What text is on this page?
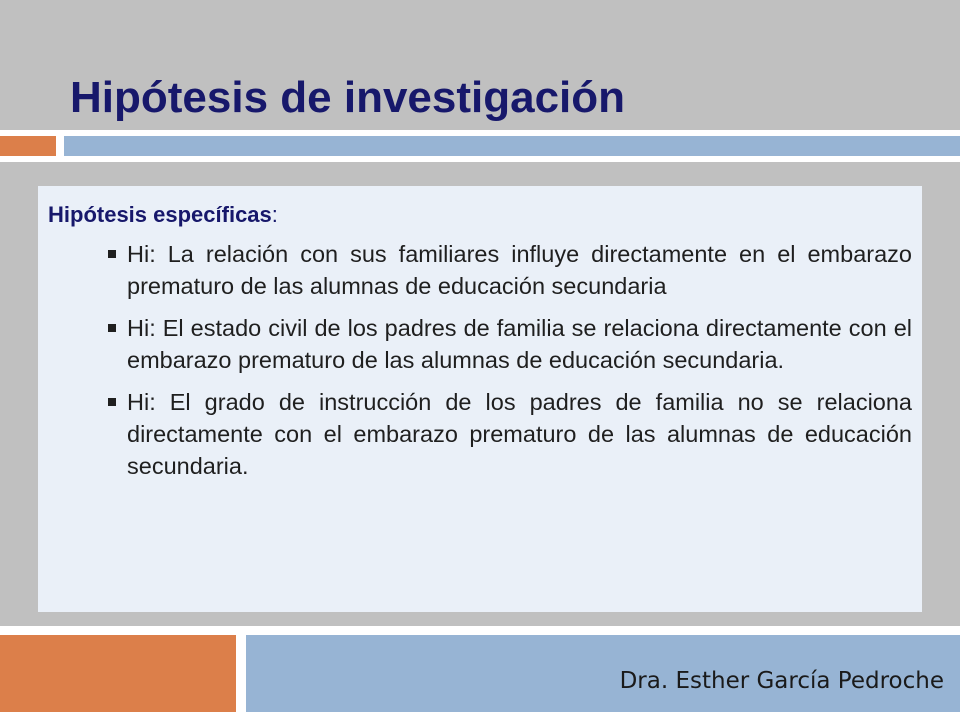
Hipótesis de investigación

Hipótesis específicas:

Hi: La relación con sus familiares influye directamente en el embarazo prematuro de las alumnas de educación secundaria
Hi: El estado civil de los padres de familia se relaciona directamente con el embarazo prematuro de las alumnas de educación secundaria.
Hi: El grado de instrucción de los padres de familia no se relaciona directamente con el embarazo prematuro de las alumnas de educación secundaria.
Dra. Esther García Pedroche
